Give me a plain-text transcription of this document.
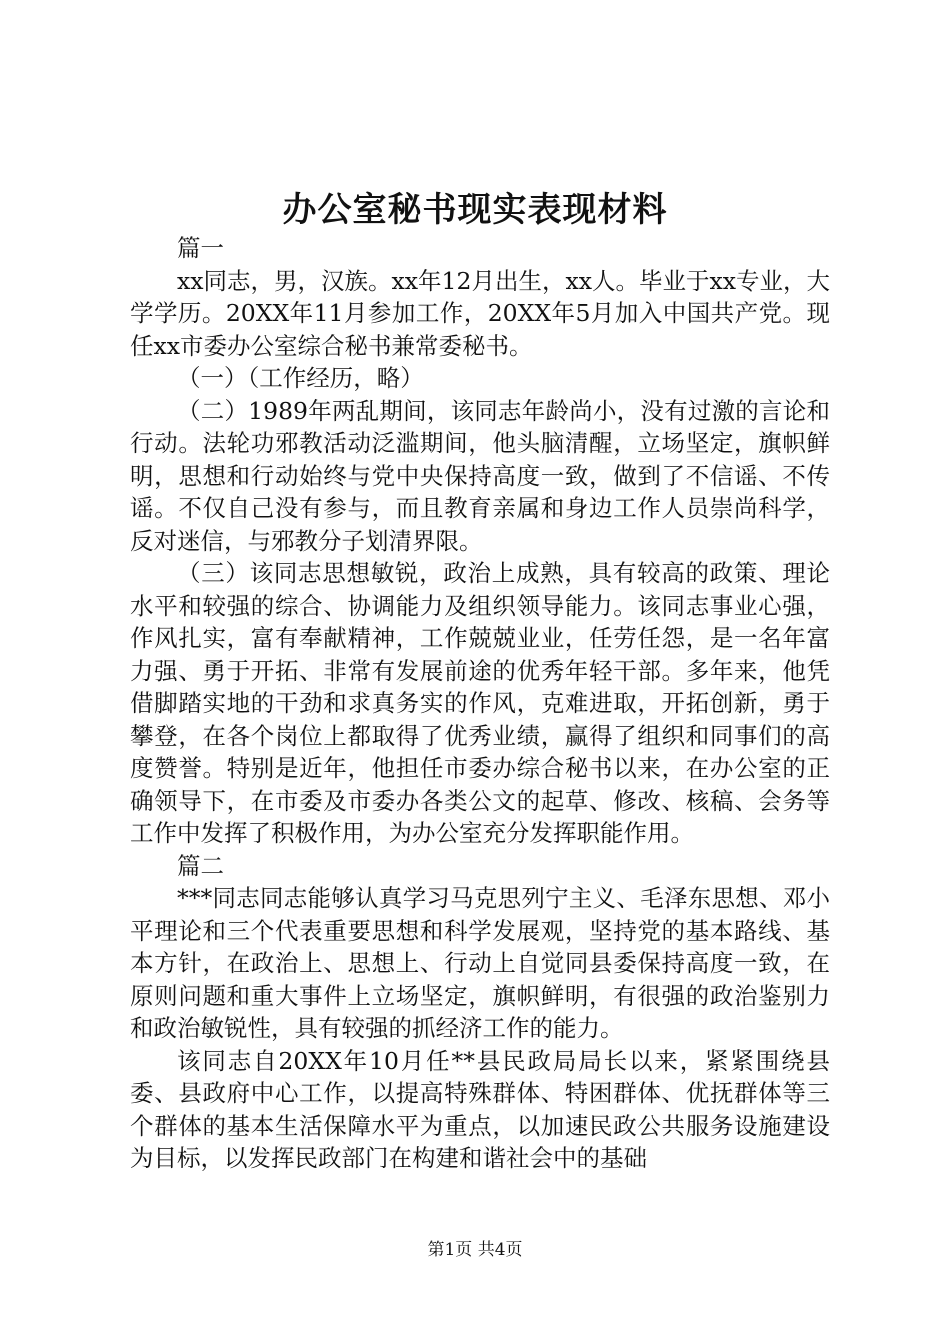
办公室秘书现实表现材料

篇一

xx同志，男，汉族。xx年12月出生，xx人。毕业于xx专业，大学学历。20XX年11月参加工作，20XX年5月加入中国共产党。现任xx市委办公室综合秘书兼常委秘书。

（一）（工作经历，略）

（二）1989年两乱期间，该同志年龄尚小，没有过激的言论和行动。法轮功邪教活动泛滥期间，他头脑清醒，立场坚定，旗帜鲜明，思想和行动始终与党中央保持高度一致，做到了不信谣、不传谣。不仅自己没有参与，而且教育亲属和身边工作人员崇尚科学，反对迷信，与邪教分子划清界限。

（三）该同志思想敏锐，政治上成熟，具有较高的政策、理论水平和较强的综合、协调能力及组织领导能力。该同志事业心强，作风扎实，富有奉献精神，工作兢兢业业，任劳任怨，是一名年富力强、勇于开拓、非常有发展前途的优秀年轻干部。多年来，他凭借脚踏实地的干劲和求真务实的作风，克难进取，开拓创新，勇于攀登，在各个岗位上都取得了优秀业绩，赢得了组织和同事们的高度赞誉。特别是近年，他担任市委办综合秘书以来，在办公室的正确领导下，在市委及市委办各类公文的起草、修改、核稿、会务等工作中发挥了积极作用，为办公室充分发挥职能作用。

篇二

***同志同志能够认真学习马克思列宁主义、毛泽东思想、邓小平理论和三个代表重要思想和科学发展观，坚持党的基本路线、基本方针，在政治上、思想上、行动上自觉同县委保持高度一致，在原则问题和重大事件上立场坚定，旗帜鲜明，有很强的政治鉴别力和政治敏锐性，具有较强的抓经济工作的能力。

该同志自20XX年10月任**县民政局局长以来，紧紧围绕县委、县政府中心工作，以提高特殊群体、特困群体、优抚群体等三个群体的基本生活保障水平为重点，以加速民政公共服务设施建设为目标，以发挥民政部门在构建和谐社会中的基础

第1页 共4页
